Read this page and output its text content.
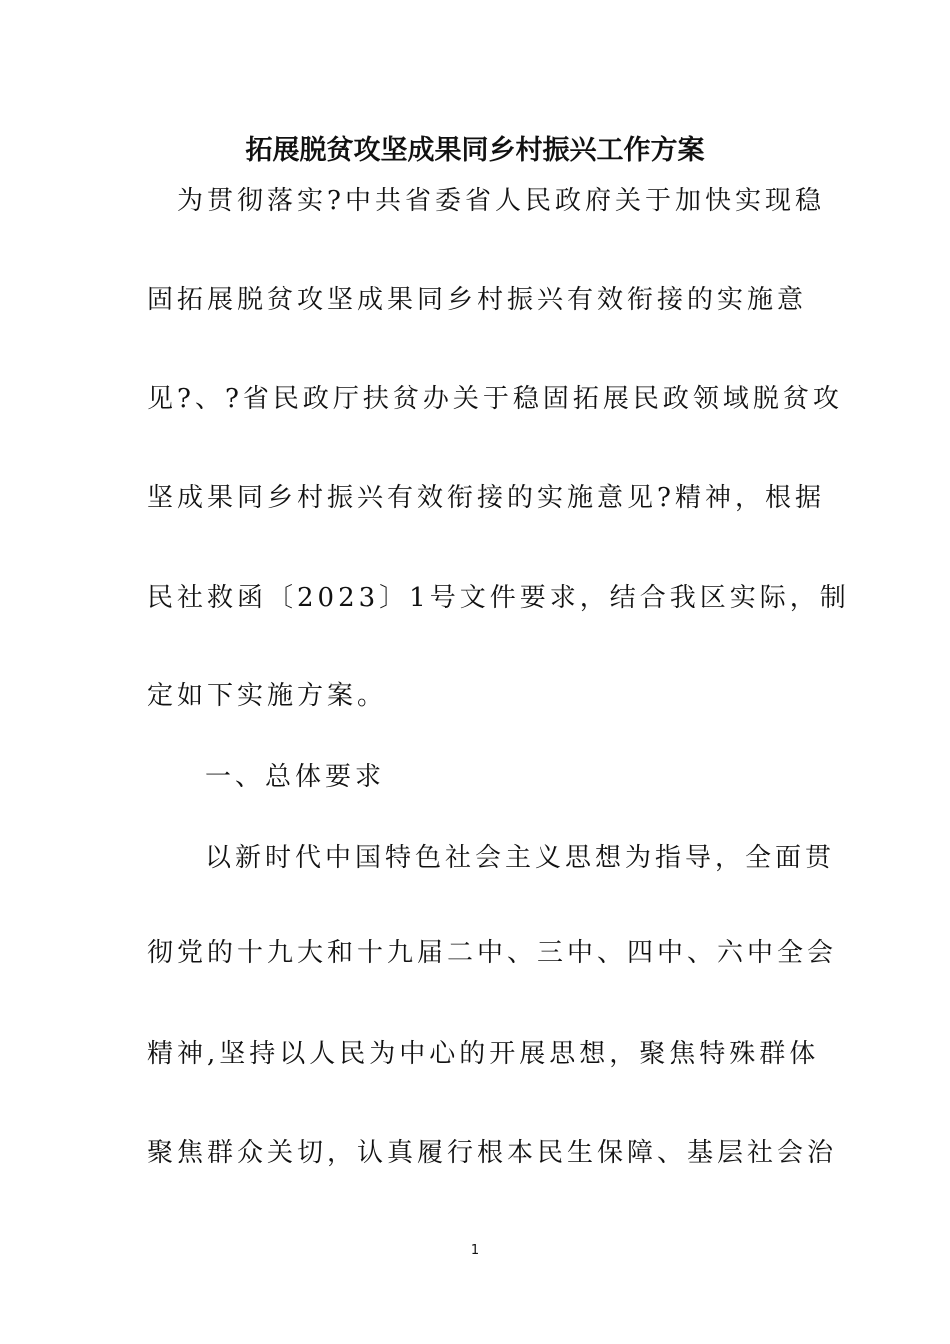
拓展脱贫攻坚成果同乡村振兴工作方案
为贯彻落实?中共省委省人民政府关于加快实现稳
固拓展脱贫攻坚成果同乡村振兴有效衔接的实施意
见?、?省民政厅扶贫办关于稳固拓展民政领域脱贫攻
坚成果同乡村振兴有效衔接的实施意见?精神，根据
民社救函〔2023〕1号文件要求，结合我区实际，制
定如下实施方案。
一、总体要求
以新时代中国特色社会主义思想为指导，全面贯
彻党的十九大和十九届二中、三中、四中、六中全会
精神,坚持以人民为中心的开展思想，聚焦特殊群体
聚焦群众关切，认真履行根本民生保障、基层社会治
1
